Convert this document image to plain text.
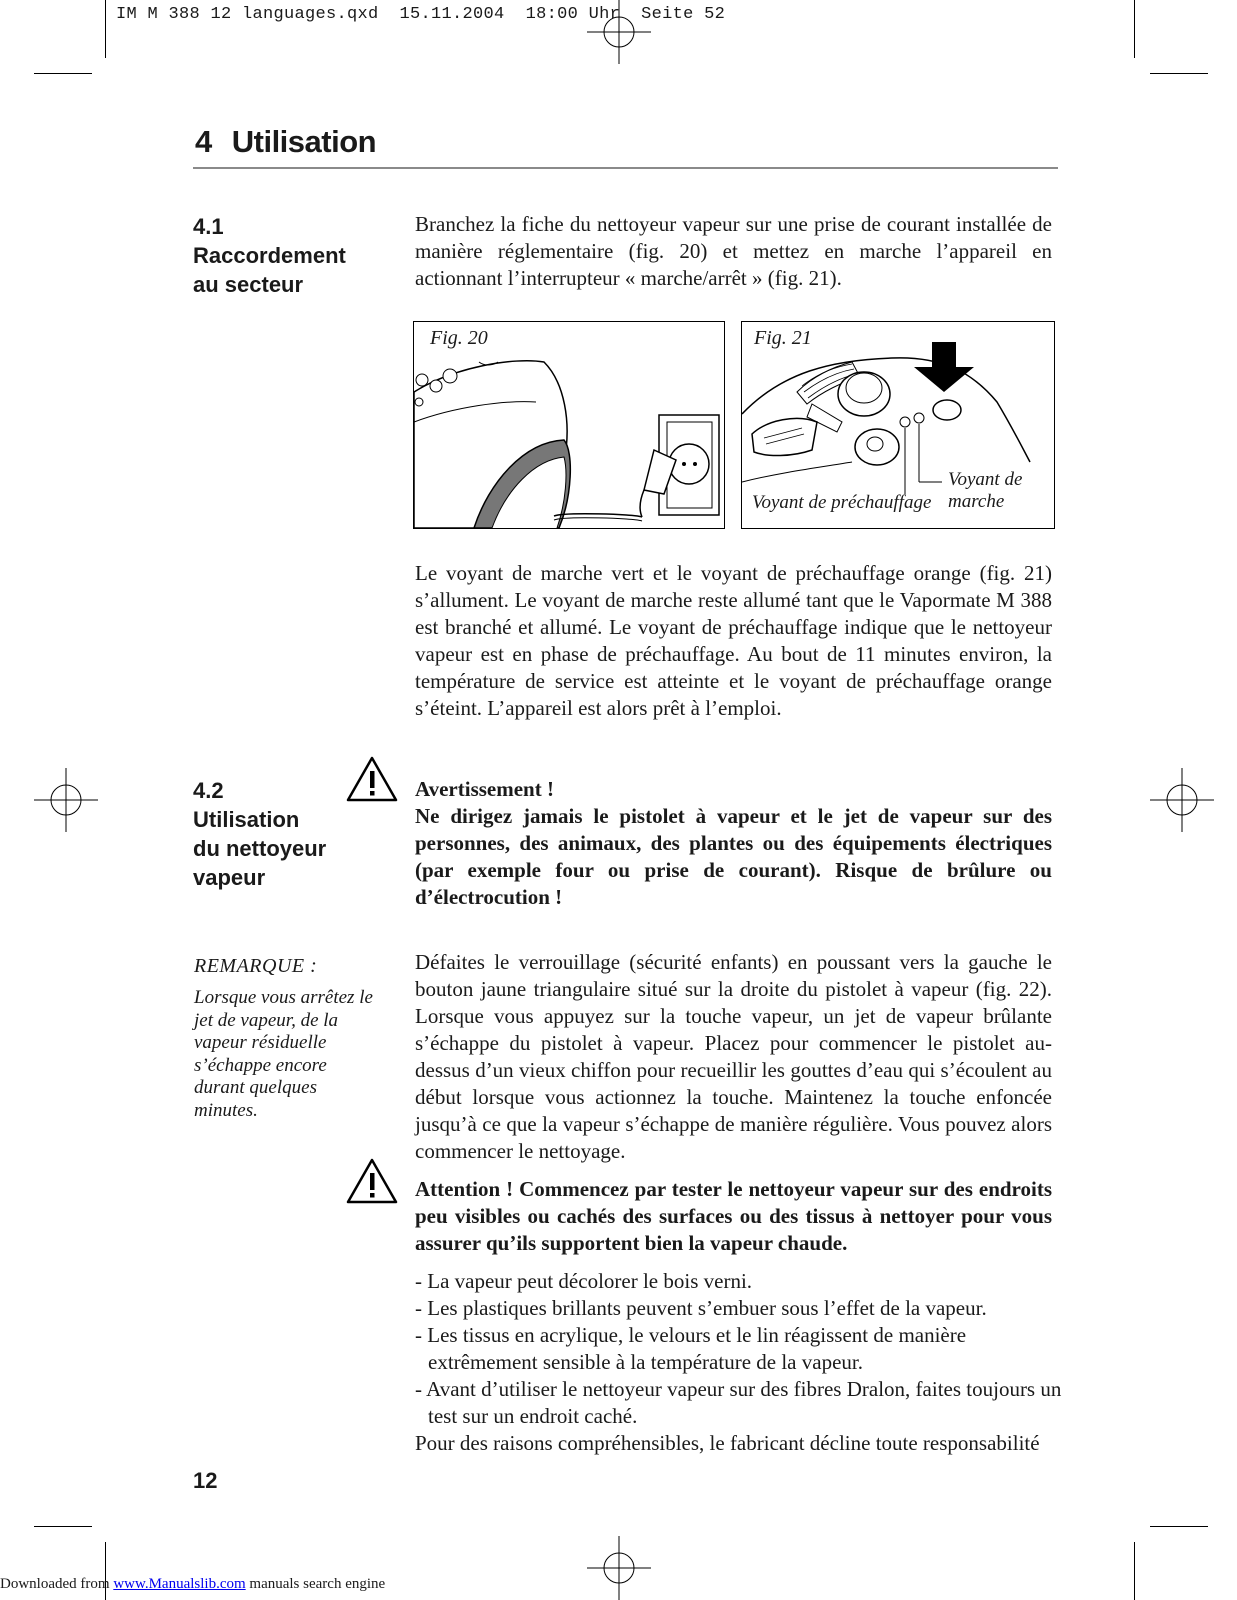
IM M 388 12 languages.qxd  15.11.2004  18:00 Uhr  Seite 52
4 Utilisation
4.1
Raccordement
au secteur
Branchez la fiche du nettoyeur vapeur sur une prise de courant installée de manière réglementaire (fig. 20) et mettez en marche l’appareil en actionnant l’interrupteur « marche/arrêt » (fig. 21).
Fig. 20	Fig. 21
Voyant de préchauffage
Voyant de
marche
Le voyant de marche vert et le voyant de préchauffage orange (fig. 21) s’allument. Le voyant de marche reste allumé tant que le Vapormate M 388 est branché et allumé. Le voyant de préchauffage indique que le nettoyeur vapeur est en phase de préchauffage. Au bout de 11 minutes environ, la température de service est atteinte et le voyant de préchauffage orange s’éteint. L’appareil est alors prêt à l’emploi.
4.2
Utilisation
du nettoyeur
vapeur
Avertissement !
Ne dirigez jamais le pistolet à vapeur et le jet de vapeur sur des personnes, des animaux, des plantes ou des équipements électriques (par exemple four ou prise de courant). Risque de brûlure ou d’électrocution !
REMARQUE :
Lorsque vous arrêtez le jet de vapeur, de la vapeur résiduelle s’échappe encore durant quelques minutes.
Défaites le verrouillage (sécurité enfants) en poussant vers la gauche le bouton jaune triangulaire situé sur la droite du pistolet à vapeur (fig. 22). Lorsque vous appuyez sur la touche vapeur, un jet de vapeur brûlante s’échappe du pistolet à vapeur. Placez pour commencer le pistolet au-dessus d’un vieux chiffon pour recueillir les gouttes d’eau qui s’écoulent au début lorsque vous actionnez la touche. Maintenez la touche enfoncée jusqu’à ce que la vapeur s’échappe de manière régulière. Vous pouvez alors commencer le nettoyage.
Attention ! Commencez par tester le nettoyeur vapeur sur des endroits peu visibles ou cachés des surfaces ou des tissus à nettoyer pour vous assurer qu’ils supportent bien la vapeur chaude.
- La vapeur peut décolorer le bois verni.
- Les plastiques brillants peuvent s’embuer sous l’effet de la vapeur.
- Les tissus en acrylique, le velours et le lin réagissent de manière extrêmement sensible à la température de la vapeur.
- Avant d’utiliser le nettoyeur vapeur sur des fibres Dralon, faites toujours un test sur un endroit caché.
Pour des raisons compréhensibles, le fabricant décline toute responsabilité
12
Downloaded from www.Manualslib.com manuals search engine
